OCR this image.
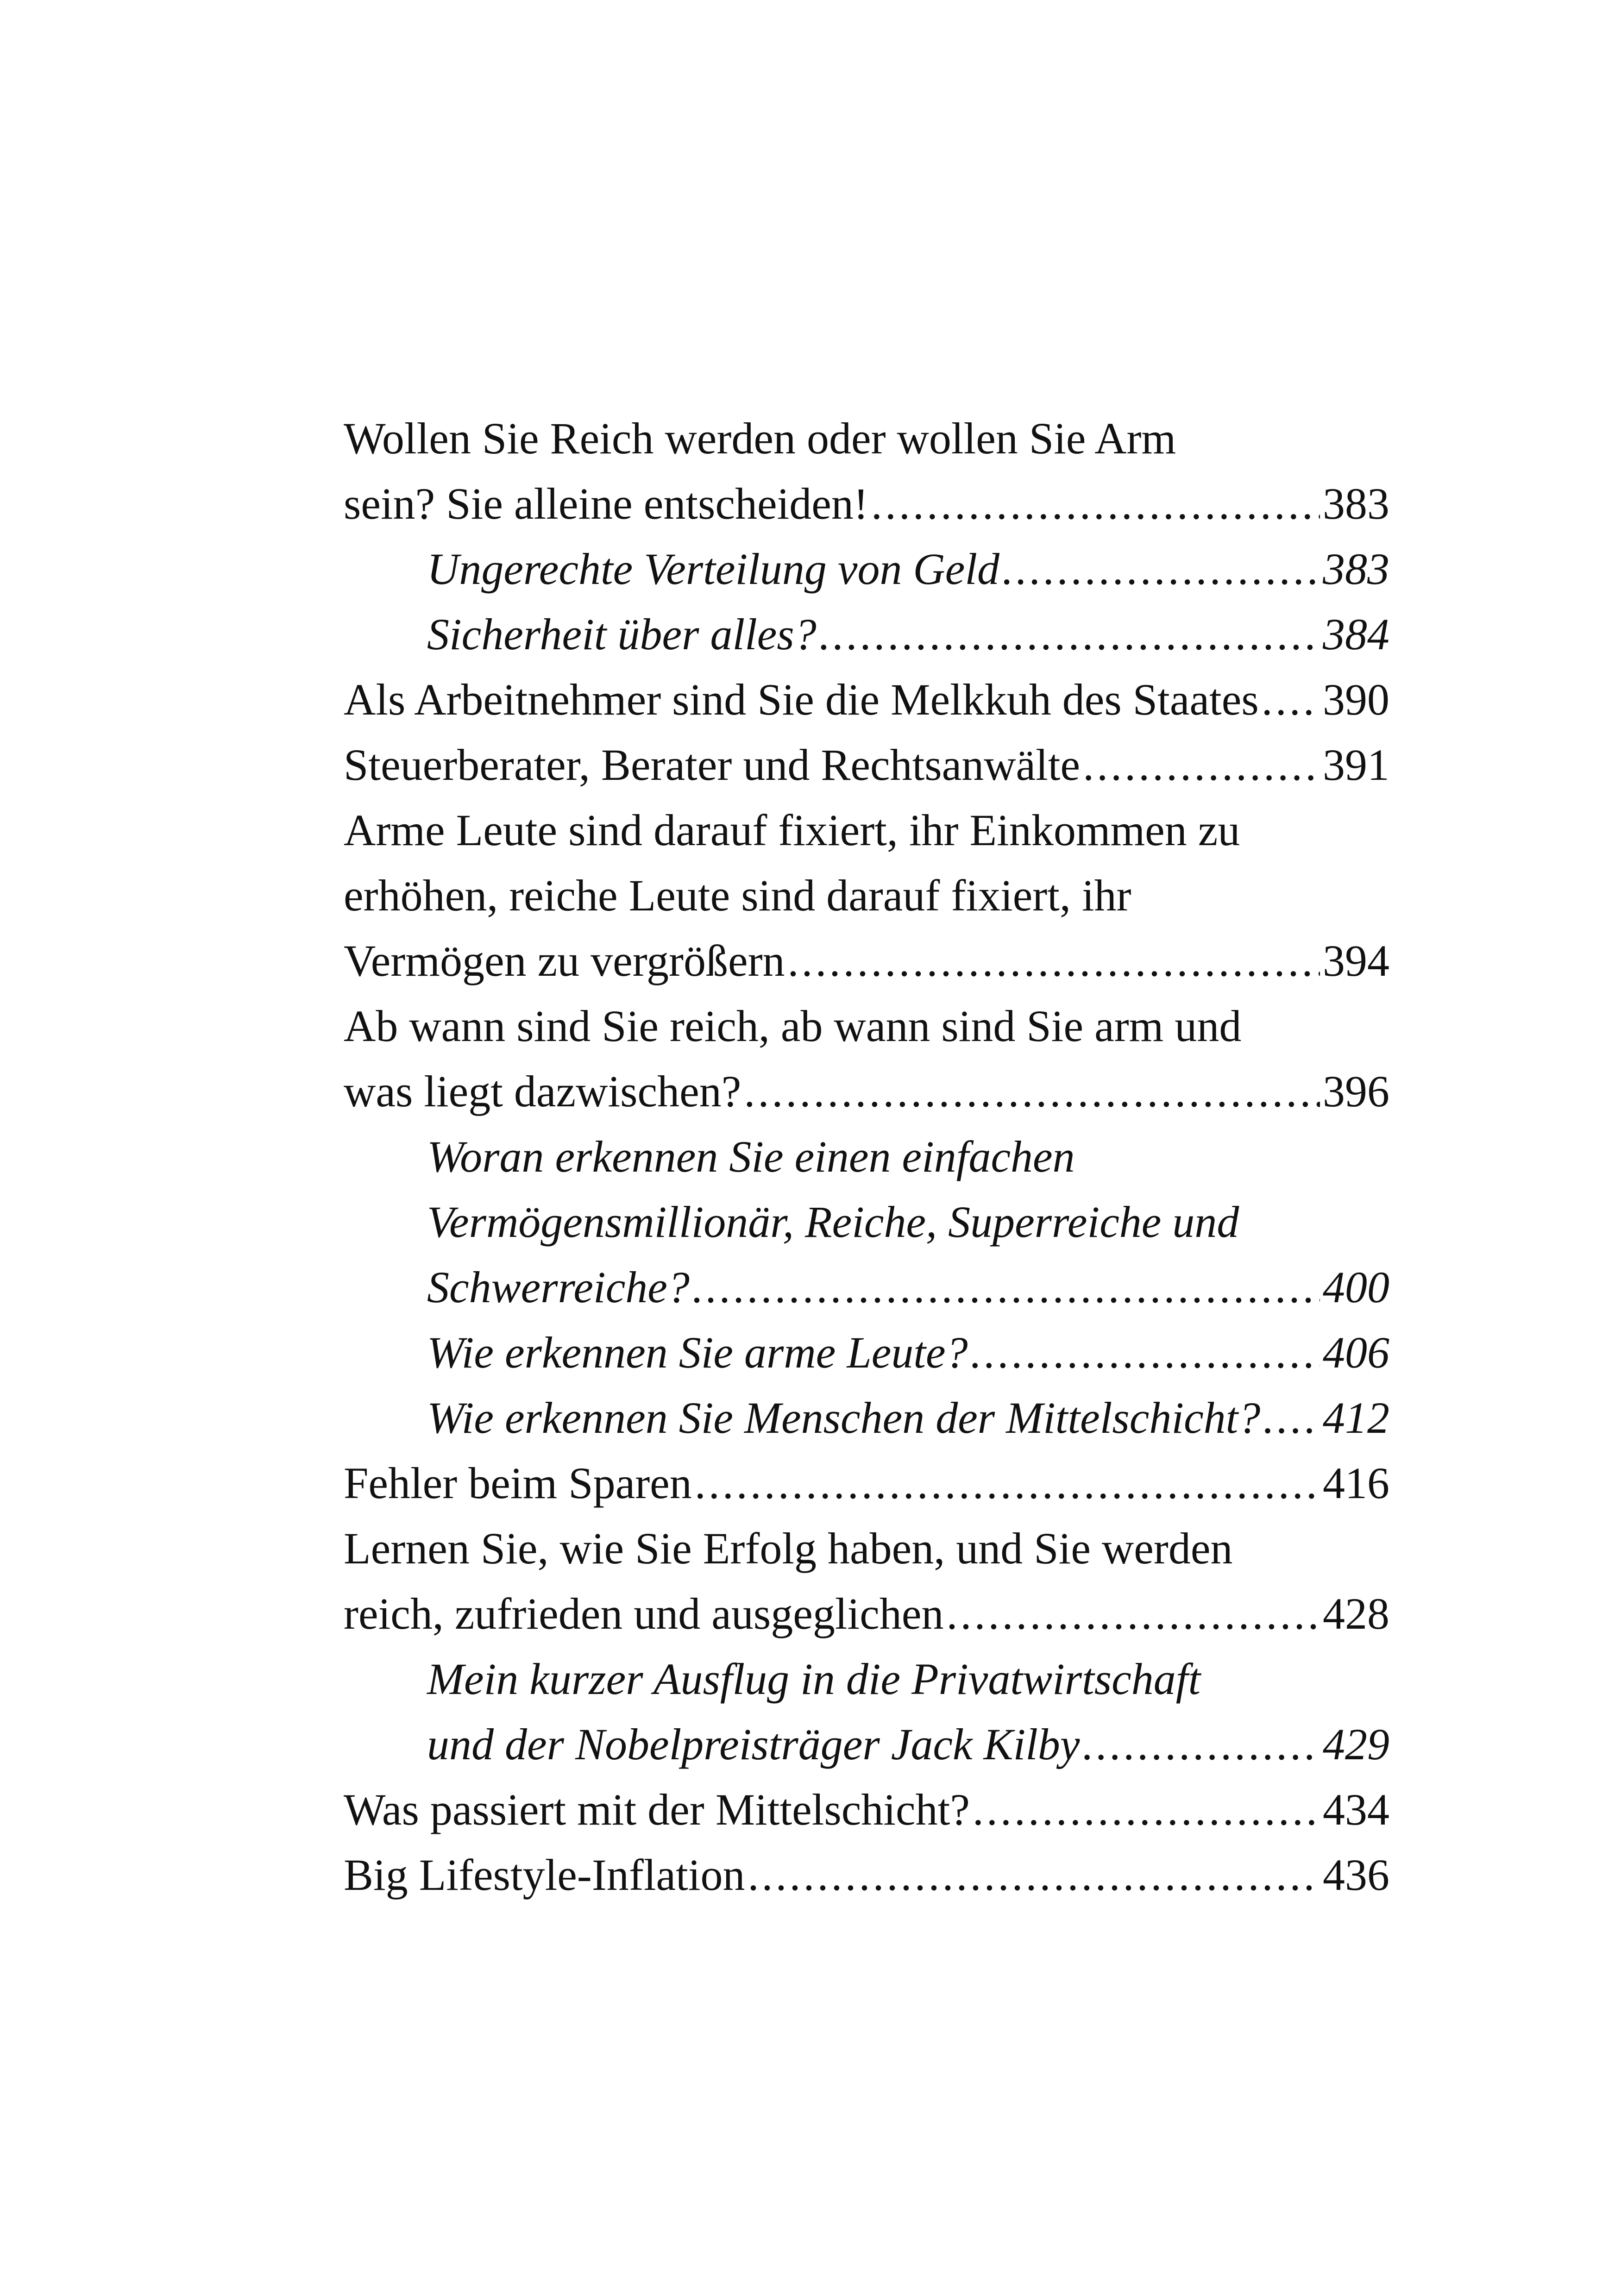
Wollen Sie Reich werden oder wollen Sie Arm
sein? Sie alleine entscheiden! .....	383
Ungerechte Verteilung von Geld .....	383
Sicherheit über alles? .....	384
Als Arbeitnehmer sind Sie die Melkkuh des Staates ..... 390
Steuerberater, Berater und Rechtsanwälte .....	391
Arme Leute sind darauf fixiert, ihr Einkommen zu
erhöhen, reiche Leute sind darauf fixiert, ihr
Vermögen zu vergrößern .....	394
Ab wann sind Sie reich, ab wann sind Sie arm und
was liegt dazwischen? .....	396
Woran erkennen Sie einen einfachen
Vermögensmillionär, Reiche, Superreiche und
Schwerreiche? .....	400
Wie erkennen Sie arme Leute? .....	406
Wie erkennen Sie Menschen der Mittelschicht? ..... 412
Fehler beim Sparen .....	416
Lernen Sie, wie Sie Erfolg haben, und Sie werden
reich, zufrieden und ausgeglichen .....	428
Mein kurzer Ausflug in die Privatwirtschaft
und der Nobelpreisträger Jack Kilby .....	429
Was passiert mit der Mittelschicht? .....	434
Big Lifestyle-Inflation .....	436
